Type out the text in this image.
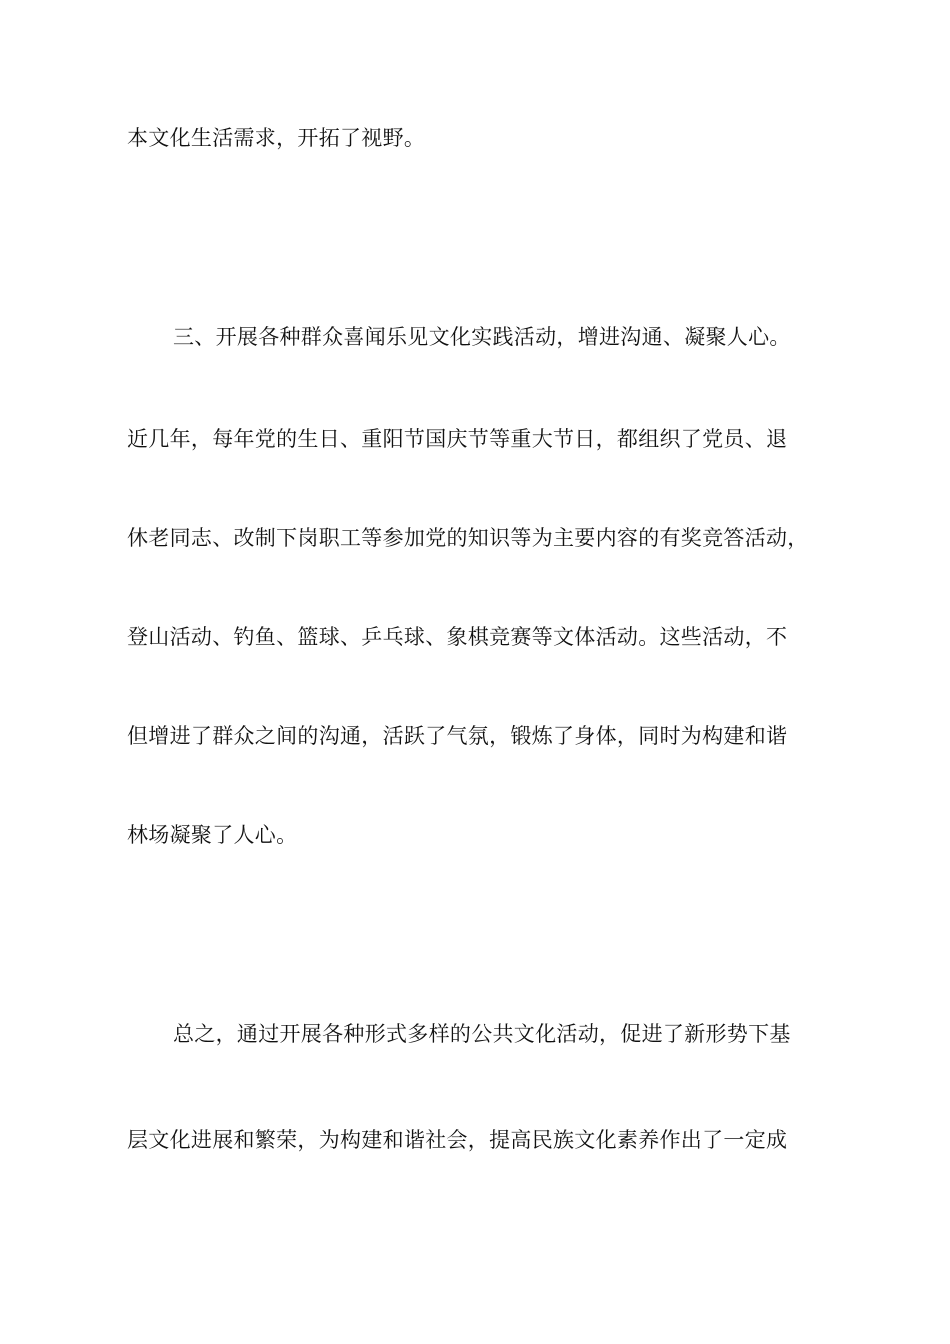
本文化生活需求，开拓了视野。
三、开展各种群众喜闻乐见文化实践活动，增进沟通、凝聚人心。
近几年，每年党的生日、重阳节国庆节等重大节日，都组织了党员、退
休老同志、改制下岗职工等参加党的知识等为主要内容的有奖竞答活动，
登山活动、钓鱼、篮球、乒乓球、象棋竞赛等文体活动。这些活动，不
但增进了群众之间的沟通，活跃了气氛，锻炼了身体，同时为构建和谐
林场凝聚了人心。
总之，通过开展各种形式多样的公共文化活动，促进了新形势下基
层文化进展和繁荣，为构建和谐社会，提高民族文化素养作出了一定成
